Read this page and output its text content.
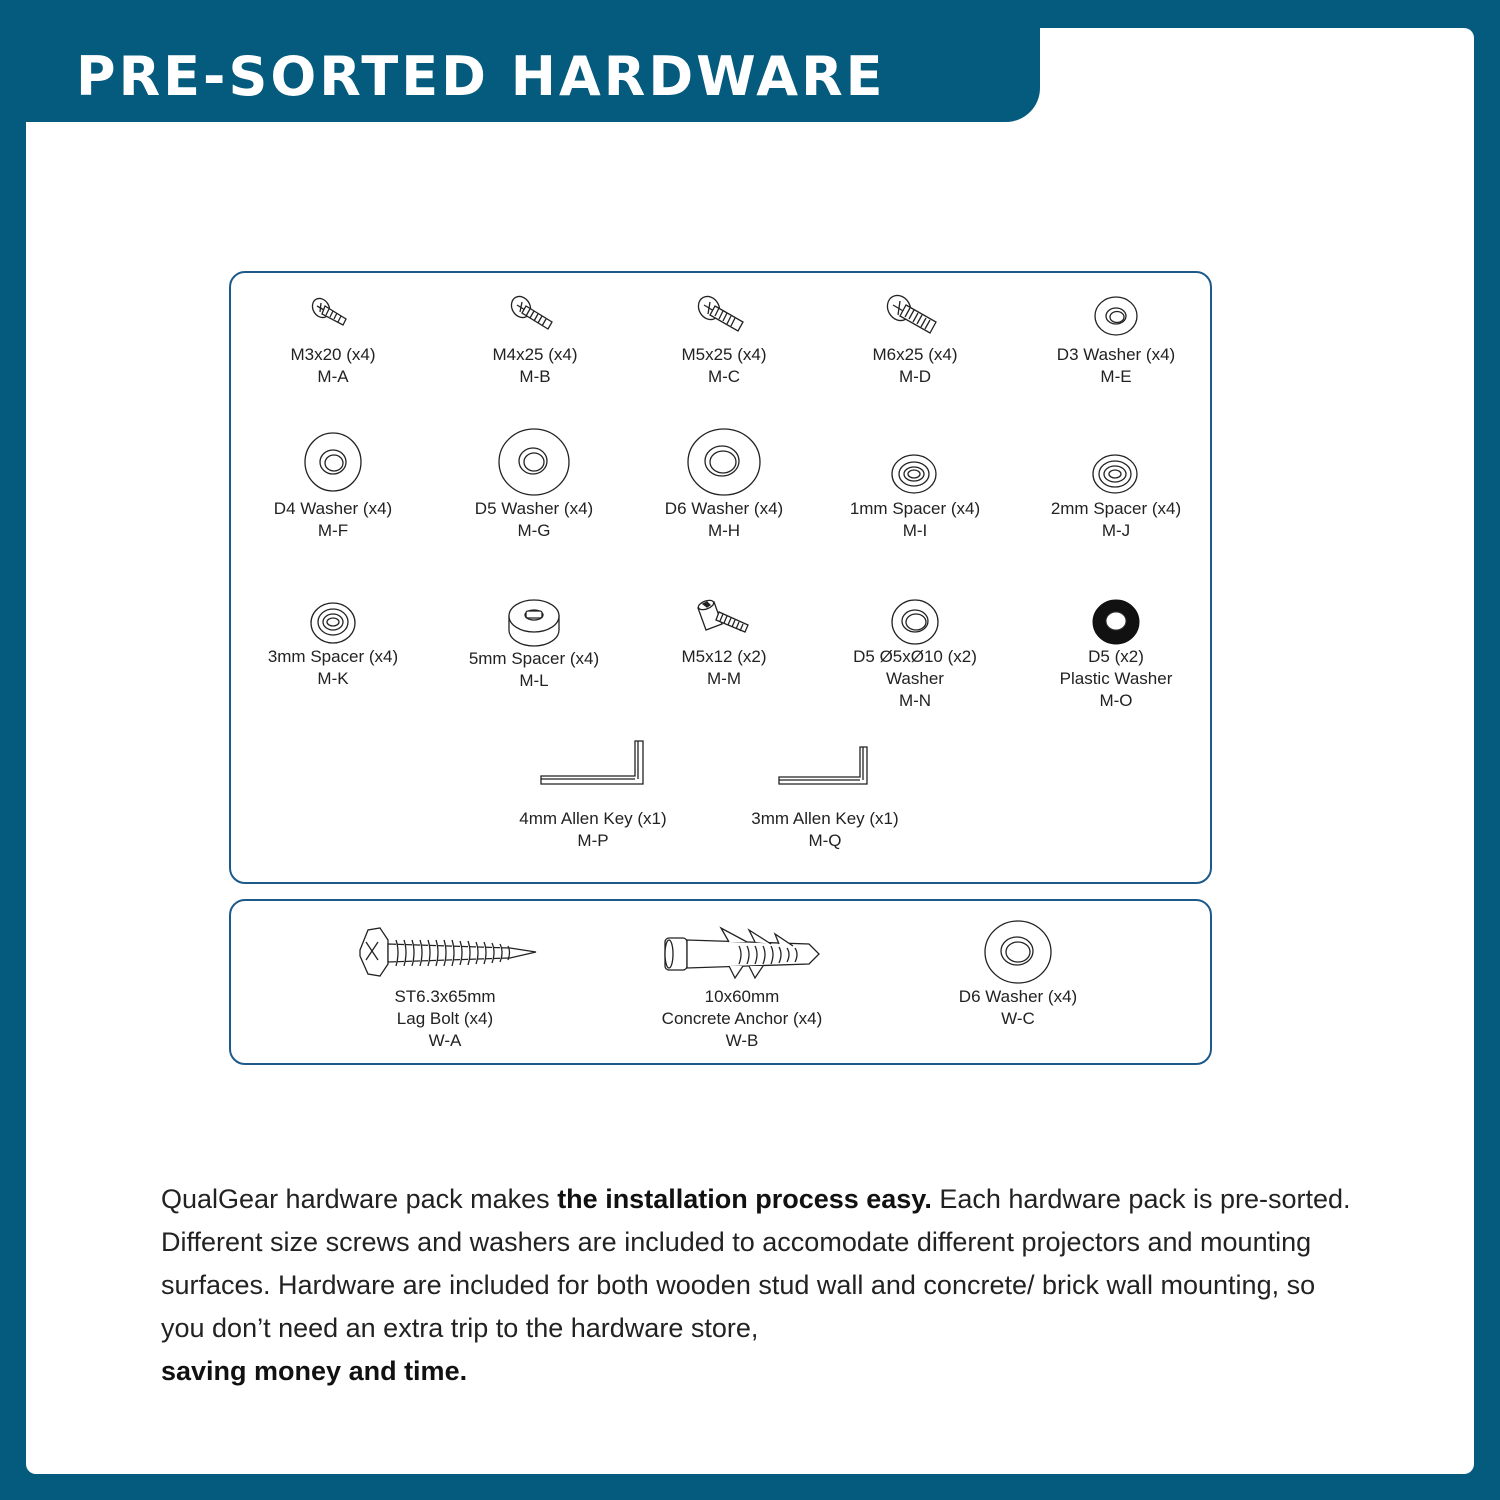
PRE-SORTED HARDWARE
M3x20 (x4)
M-A
M4x25 (x4)
M-B
M5x25 (x4)
M-C
M6x25 (x4)
M-D
D3 Washer (x4)
M-E
D4 Washer (x4)
M-F
D5 Washer (x4)
M-G
D6 Washer (x4)
M-H
1mm Spacer (x4)
M-I
2mm Spacer (x4)
M-J
3mm Spacer (x4)
M-K
5mm Spacer (x4)
M-L
M5x12 (x2)
M-M
D5 Ø5xØ10 (x2)
Washer
M-N
D5 (x2)
Plastic Washer
M-O
4mm Allen Key (x1)
M-P
3mm Allen Key (x1)
M-Q
ST6.3x65mm
Lag Bolt (x4)
W-A
10x60mm
Concrete Anchor (x4)
W-B
D6 Washer (x4)
W-C

QualGear hardware pack makes the installation process easy. Each hardware pack is pre-sorted. Different size screws and washers are included to accomodate different projectors and mounting surfaces. Hardware are included for both wooden stud wall and concrete/ brick wall mounting, so you don’t need an extra trip to the hardware store,
saving money and time.
